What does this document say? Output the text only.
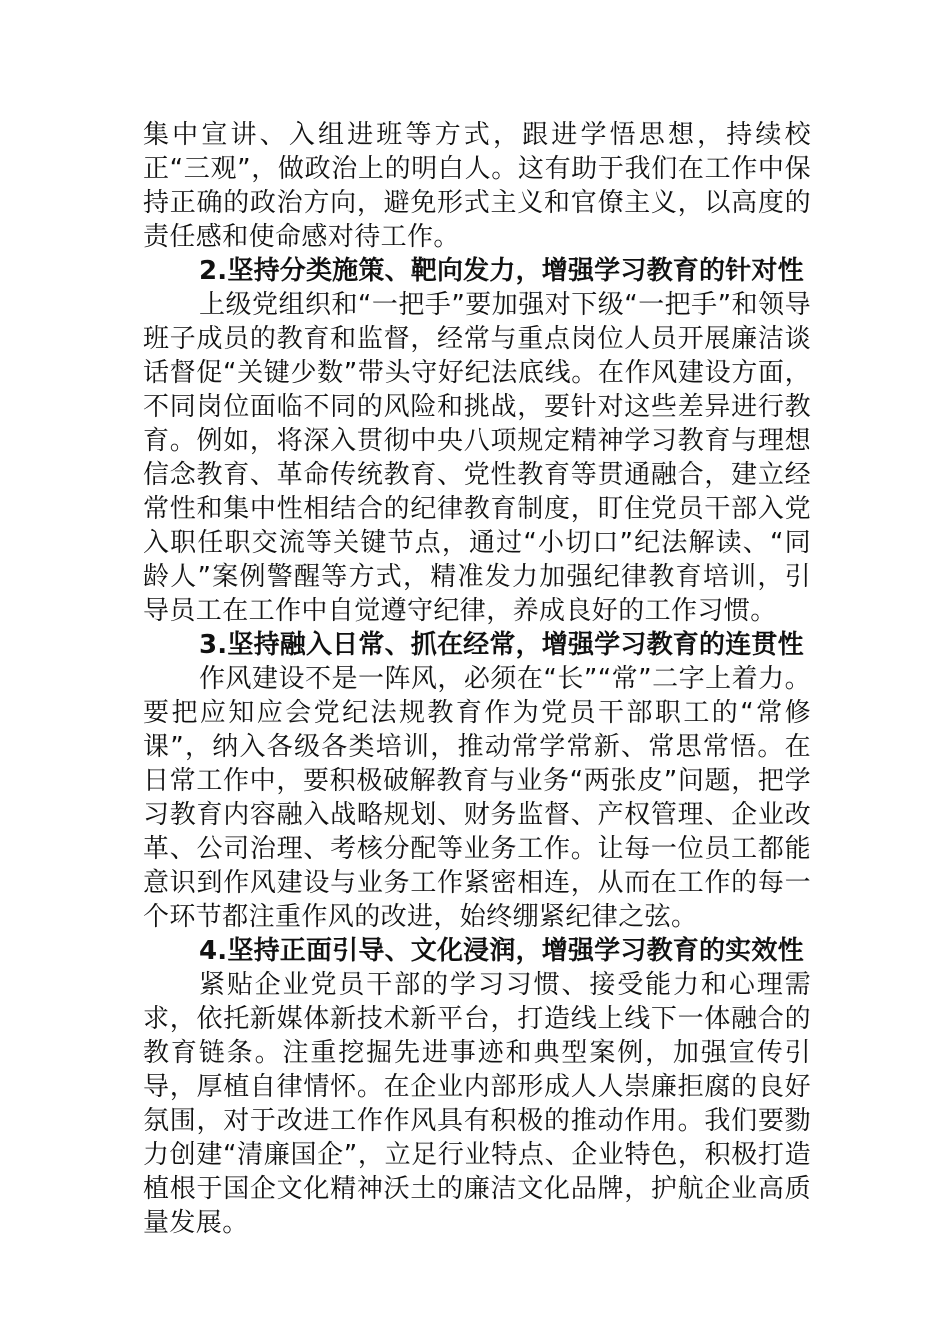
集中宣讲、入组进班等方式，跟进学悟思想，持续校正“三观”，做政治上的明白人。这有助于我们在工作中保持正确的政治方向，避免形式主义和官僚主义，以高度的责任感和使命感对待工作。

2.坚持分类施策、靶向发力，增强学习教育的针对性

上级党组织和“一把手”要加强对下级“一把手”和领导班子成员的教育和监督，经常与重点岗位人员开展廉洁谈话督促“关键少数”带头守好纪法底线。在作风建设方面，不同岗位面临不同的风险和挑战，要针对这些差异进行教育。例如，将深入贯彻中央八项规定精神学习教育与理想信念教育、革命传统教育、党性教育等贯通融合，建立经常性和集中性相结合的纪律教育制度，盯住党员干部入党入职任职交流等关键节点，通过“小切口”纪法解读、“同龄人”案例警醒等方式，精准发力加强纪律教育培训，引导员工在工作中自觉遵守纪律，养成良好的工作习惯。

3.坚持融入日常、抓在经常，增强学习教育的连贯性

作风建设不是一阵风，必须在“长”“常”二字上着力。要把应知应会党纪法规教育作为党员干部职工的“常修课”，纳入各级各类培训，推动常学常新、常思常悟。在日常工作中，要积极破解教育与业务“两张皮”问题，把学习教育内容融入战略规划、财务监督、产权管理、企业改革、公司治理、考核分配等业务工作。让每一位员工都能意识到作风建设与业务工作紧密相连，从而在工作的每一个环节都注重作风的改进，始终绷紧纪律之弦。

4.坚持正面引导、文化浸润，增强学习教育的实效性

紧贴企业党员干部的学习习惯、接受能力和心理需求，依托新媒体新技术新平台，打造线上线下一体融合的教育链条。注重挖掘先进事迹和典型案例，加强宣传引导，厚植自律情怀。在企业内部形成人人崇廉拒腐的良好氛围，对于改进工作作风具有积极的推动作用。我们要勠力创建“清廉国企”，立足行业特点、企业特色，积极打造植根于国企文化精神沃土的廉洁文化品牌，护航企业高质量发展。
